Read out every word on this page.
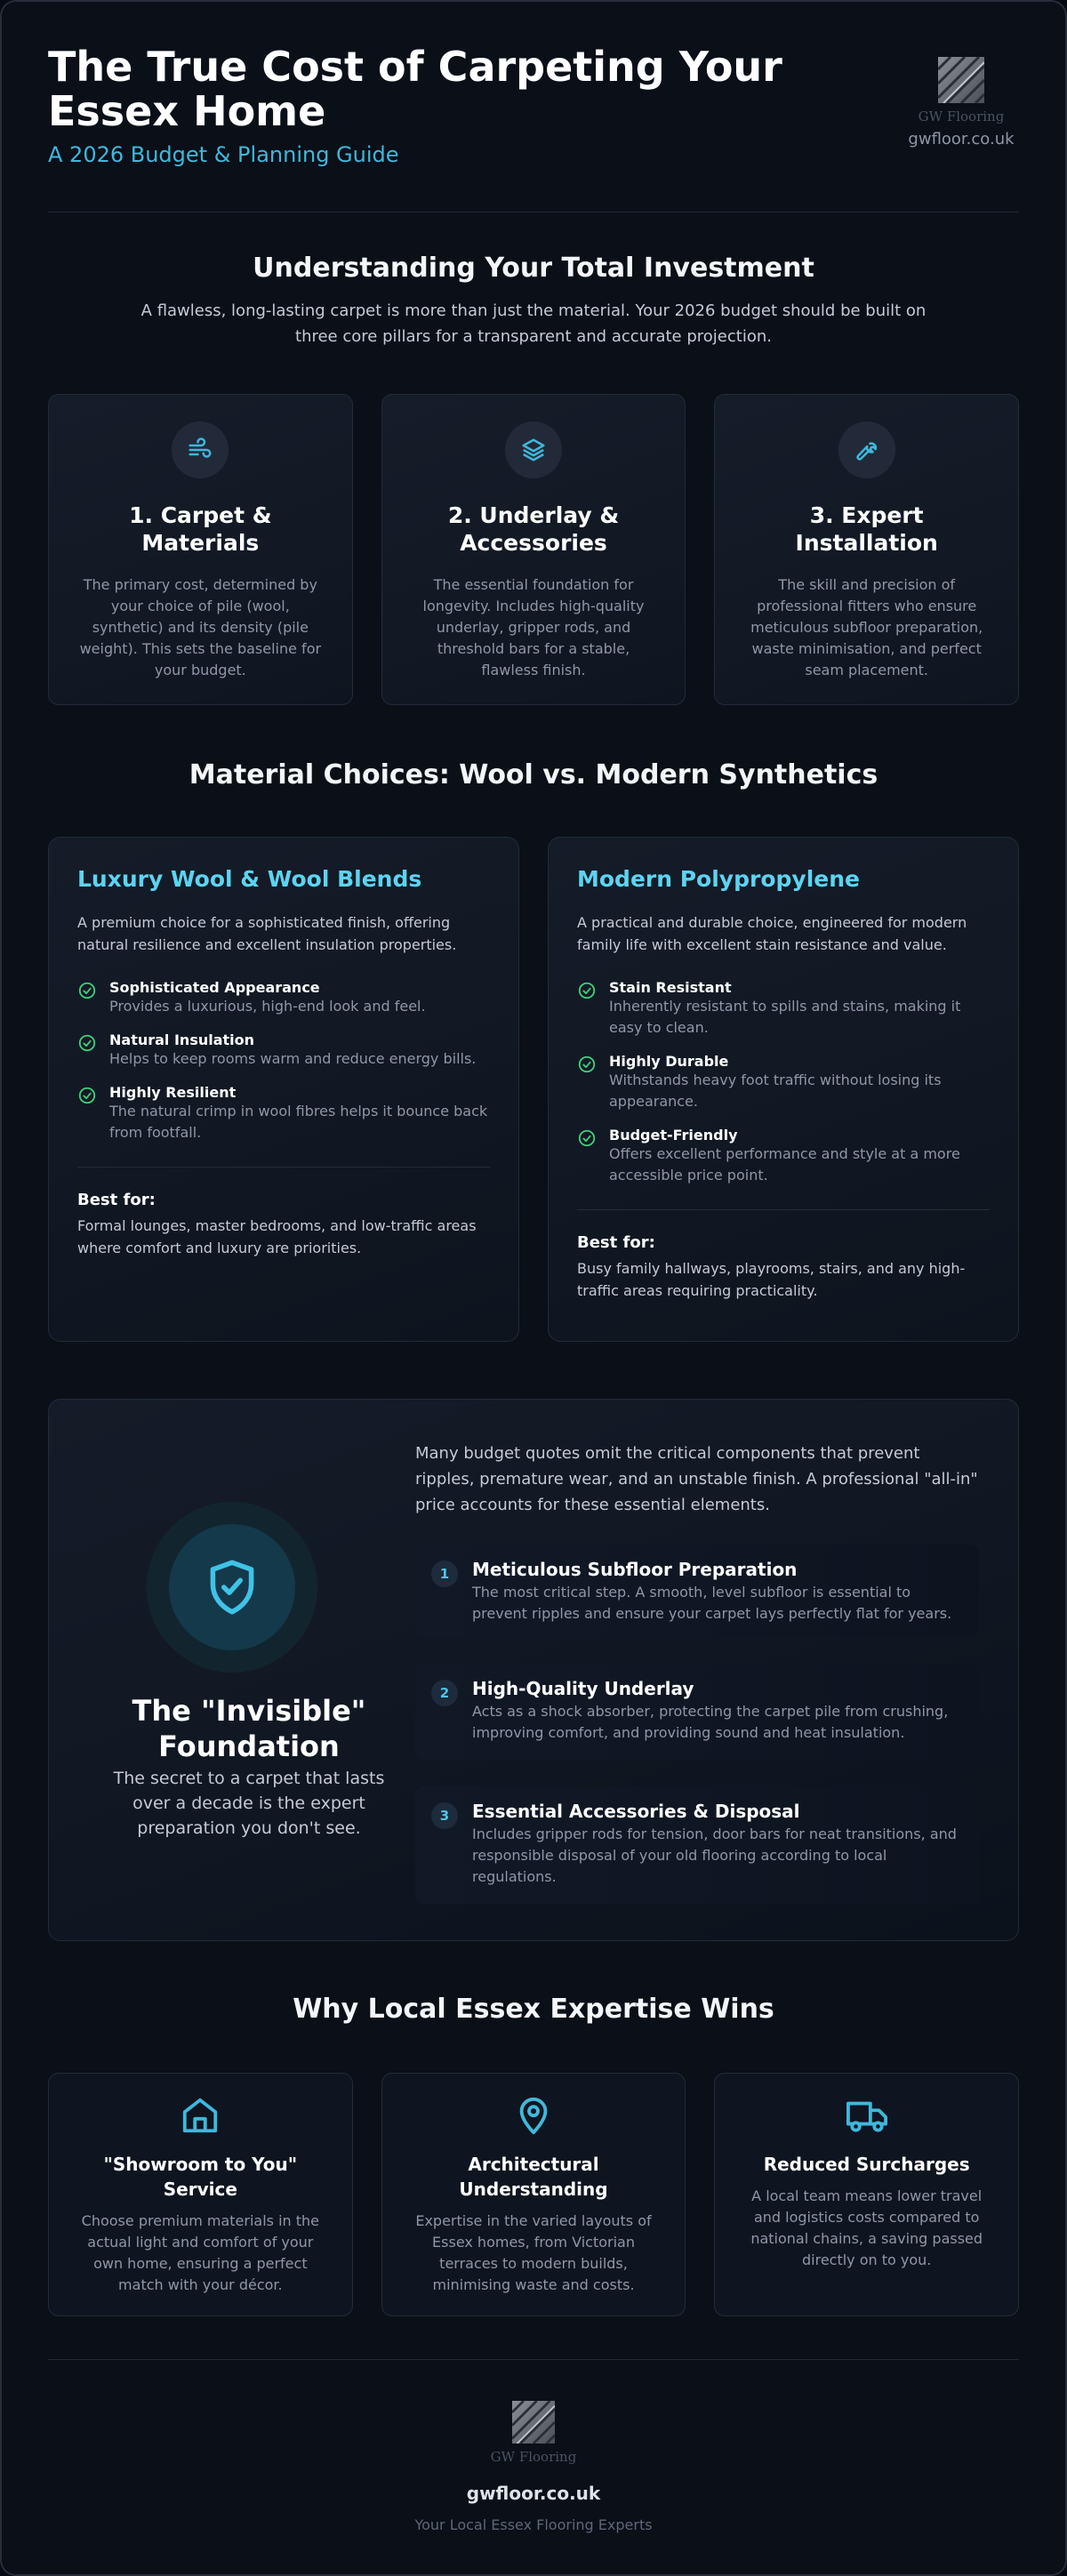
The True Cost of Carpeting Your Essex Home
A 2026 Budget & Planning Guide
GW Flooring
gwfloor.co.uk
Understanding Your Total Investment

A flawless, long-lasting carpet is more than just the material. Your 2026 budget should be built on three core pillars for a transparent and accurate projection.

1. Carpet & Materials

The primary cost, determined by your choice of pile (wool, synthetic) and its density (pile weight). This sets the baseline for your budget.

2. Underlay & Accessories

The essential foundation for longevity. Includes high-quality underlay, gripper rods, and threshold bars for a stable, flawless finish.

3. Expert Installation

The skill and precision of professional fitters who ensure meticulous subfloor preparation, waste minimisation, and perfect seam placement.

Material Choices: Wool vs. Modern Synthetics
Luxury Wool & Wool Blends

A premium choice for a sophisticated finish, offering natural resilience and excellent insulation properties.

Sophisticated Appearance
Provides a luxurious, high-end look and feel.
Natural Insulation
Helps to keep rooms warm and reduce energy bills.
Highly Resilient
The natural crimp in wool fibres helps it bounce back from footfall.
Best for:
Formal lounges, master bedrooms, and low-traffic areas where comfort and luxury are priorities.
Modern Polypropylene

A practical and durable choice, engineered for modern family life with excellent stain resistance and value.

Stain Resistant
Inherently resistant to spills and stains, making it easy to clean.
Highly Durable
Withstands heavy foot traffic without losing its appearance.
Budget-Friendly
Offers excellent performance and style at a more accessible price point.
Best for:
Busy family hallways, playrooms, stairs, and any high-traffic areas requiring practicality.
The "Invisible" Foundation

The secret to a carpet that lasts over a decade is the expert preparation you don't see.

Many budget quotes omit the critical components that prevent ripples, premature wear, and an unstable finish. A professional "all-in" price accounts for these essential elements.

1	Meticulous Subfloor Preparation
The most critical step. A smooth, level subfloor is essential to prevent ripples and ensure your carpet lays perfectly flat for years.
2	High-Quality Underlay
Acts as a shock absorber, protecting the carpet pile from crushing, improving comfort, and providing sound and heat insulation.
3	Essential Accessories & Disposal
Includes gripper rods for tension, door bars for neat transitions, and responsible disposal of your old flooring according to local regulations.
Why Local Essex Expertise Wins
"Showroom to You" Service

Choose premium materials in the actual light and comfort of your own home, ensuring a perfect match with your décor.

Architectural Understanding

Expertise in the varied layouts of Essex homes, from Victorian terraces to modern builds, minimising waste and costs.

Reduced Surcharges

A local team means lower travel and logistics costs compared to national chains, a saving passed directly on to you.

GW Flooring
gwfloor.co.uk
Your Local Essex Flooring Experts
